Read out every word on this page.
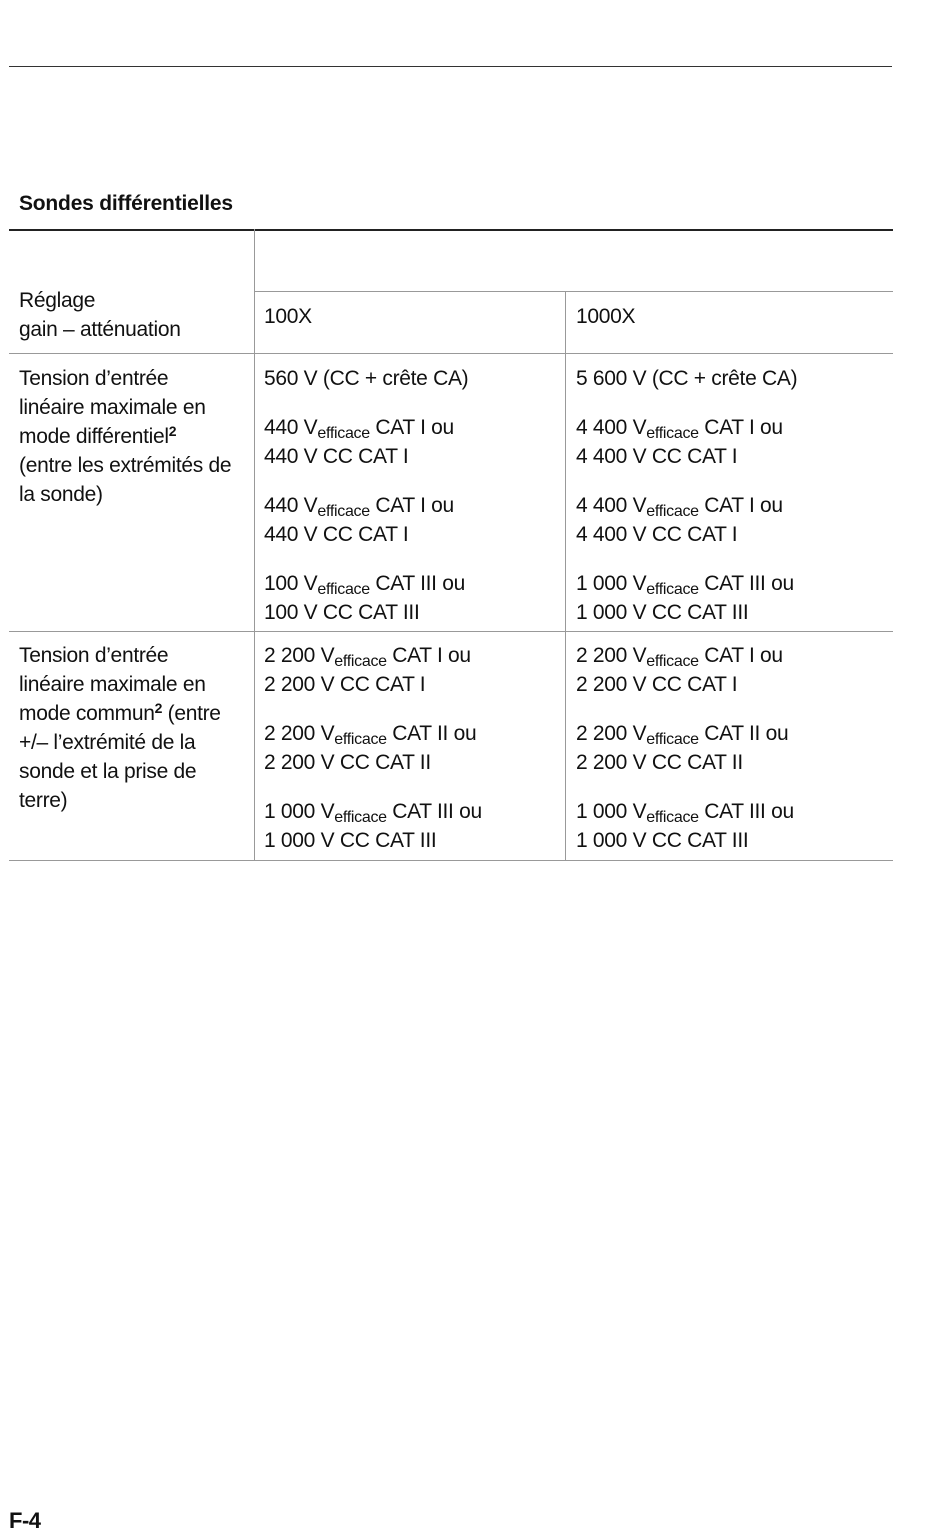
Sondes différentielles
Réglage
gain – atténuation
100X	1000X
Tension d’entrée
linéaire maximale en
mode différentiel$^2$
(entre les extrémités de
la sonde)
560 V (CC + crête CA)
440 $V_{efficace}$ CAT I ou
440 V CC CAT I
440 $V_{efficace}$ CAT I ou
440 V CC CAT I
100 $V_{efficace}$ CAT III ou
100 V CC CAT III
5 600 V (CC + crête CA)
4 400 $V_{efficace}$ CAT I ou
4 400 V CC CAT I
4 400 $V_{efficace}$ CAT I ou
4 400 V CC CAT I
1 000 $V_{efficace}$ CAT III ou
1 000 V CC CAT III
Tension d’entrée
linéaire maximale en
mode commun$^2$ (entre
+/– l’extrémité de la
sonde et la prise de
terre)
2 200 $V_{efficace}$ CAT I ou
2 200 V CC CAT I
2 200 $V_{efficace}$ CAT II ou
2 200 V CC CAT II
1 000 $V_{efficace}$ CAT III ou
1 000 V CC CAT III
2 200 $V_{efficace}$ CAT I ou
2 200 V CC CAT I
2 200 $V_{efficace}$ CAT II ou
2 200 V CC CAT II
1 000 $V_{efficace}$ CAT III ou
1 000 V CC CAT III
F-4
